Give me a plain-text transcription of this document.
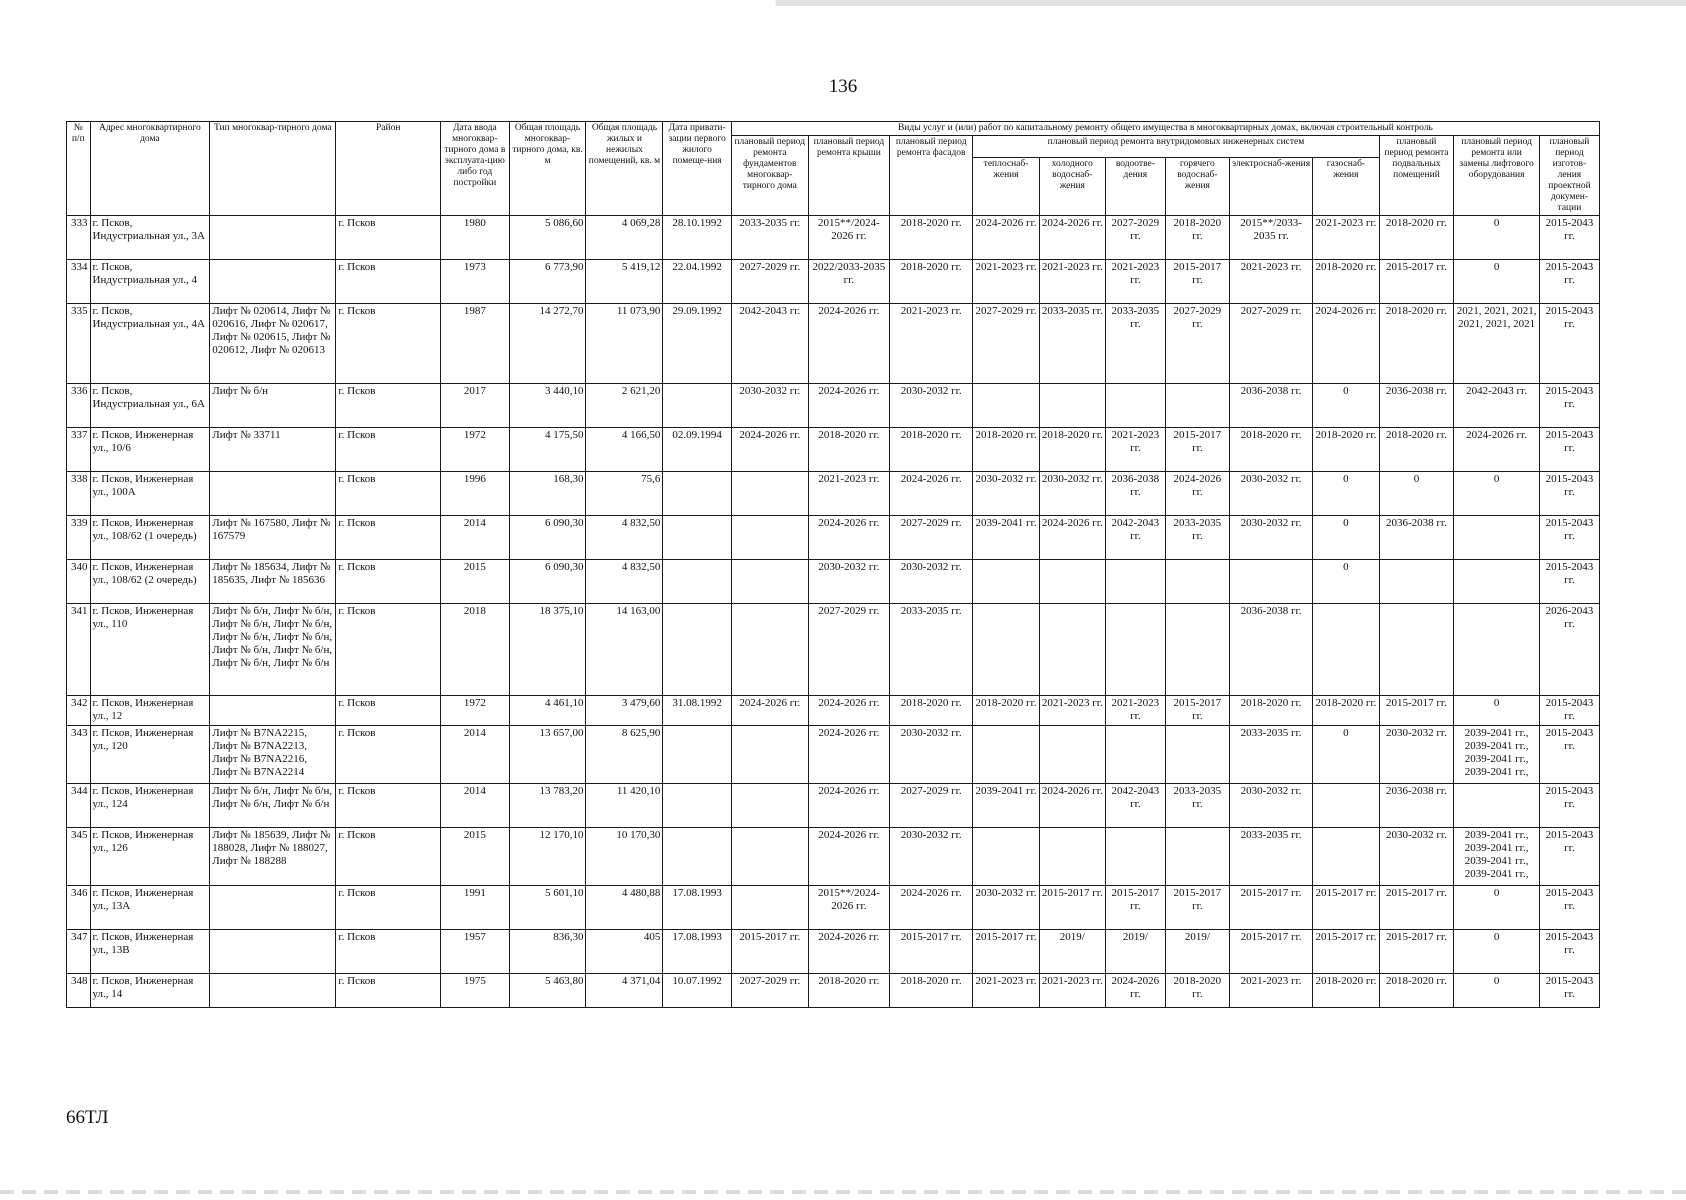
136
№ п/п	Адрес многоквартирного дома	Тип многоквар-тирного дома	Район	Дата ввода многоквар-тирного дома в эксплуата-цию либо год постройки	Общая площадь многоквар-тирного дома, кв. м	Общая площадь жилых и нежилых помещений, кв. м	Дата привати-зации первого жилого помеще-ния	Виды услуг и (или) работ по капитальному ремонту общего имущества в многоквартирных домах, включая строительный контроль											
								плановый период ремонта фундаментов многоквар-тирного дома	плановый период ремонта крыши	плановый период ремонта фасадов	плановый период ремонта внутридомовых инженерных систем						плановый период ремонта подвальных помещений	плановый период ремонта или замены лифтового оборудования	плановый период изготов-ления проектной докумен-тации
											теплоснаб-жения	холодного водоснаб-жения	водоотве-дения	горячего водоснаб-жения	электроснаб-жения	газоснаб-жения			
333	г. Псков, Индустриальная ул., 3А		г. Псков	1980	5 086,60	4 069,28	28.10.1992	2033-2035 гг.	2015**/2024-2026 гг.	2018-2020 гг.	2024-2026 гг.	2024-2026 гг.	2027-2029 гг.	2018-2020 гг.	2015**/2033-2035 гг.	2021-2023 гг.	2018-2020 гг.	0	2015-2043 гг.
334	г. Псков, Индустриальная ул., 4		г. Псков	1973	6 773,90	5 419,12	22.04.1992	2027-2029 гг.	2022/2033-2035 гг.	2018-2020 гг.	2021-2023 гг.	2021-2023 гг.	2021-2023 гг.	2015-2017 гг.	2021-2023 гг.	2018-2020 гг.	2015-2017 гг.	0	2015-2043 гг.
335	г. Псков, Индустриальная ул., 4А	Лифт № 020614, Лифт № 020616, Лифт № 020617, Лифт № 020615, Лифт № 020612, Лифт № 020613	г. Псков	1987	14 272,70	11 073,90	29.09.1992	2042-2043 гг.	2024-2026 гг.	2021-2023 гг.	2027-2029 гг.	2033-2035 гг.	2033-2035 гг.	2027-2029 гг.	2027-2029 гг.	2024-2026 гг.	2018-2020 гг.	2021, 2021, 2021, 2021, 2021, 2021	2015-2043 гг.
336	г. Псков, Индустриальная ул., 6А	Лифт № б/н	г. Псков	2017	3 440,10	2 621,20		2030-2032 гг.	2024-2026 гг.	2030-2032 гг.					2036-2038 гг.	0	2036-2038 гг.	2042-2043 гг.	2015-2043 гг.
337	г. Псков, Инженерная ул., 10/6	Лифт № 33711	г. Псков	1972	4 175,50	4 166,50	02.09.1994	2024-2026 гг.	2018-2020 гг.	2018-2020 гг.	2018-2020 гг.	2018-2020 гг.	2021-2023 гг.	2015-2017 гг.	2018-2020 гг.	2018-2020 гг.	2018-2020 гг.	2024-2026 гг.	2015-2043 гг.
338	г. Псков, Инженерная ул., 100А		г. Псков	1996	168,30	75,6			2021-2023 гг.	2024-2026 гг.	2030-2032 гг.	2030-2032 гг.	2036-2038 гг.	2024-2026 гг.	2030-2032 гг.	0	0	0	2015-2043 гг.
339	г. Псков, Инженерная ул., 108/62 (1 очередь)	Лифт № 167580, Лифт № 167579	г. Псков	2014	6 090,30	4 832,50			2024-2026 гг.	2027-2029 гг.	2039-2041 гг.	2024-2026 гг.	2042-2043 гг.	2033-2035 гг.	2030-2032 гг.	0	2036-2038 гг.		2015-2043 гг.
340	г. Псков, Инженерная ул., 108/62 (2 очередь)	Лифт № 185634, Лифт № 185635, Лифт № 185636	г. Псков	2015	6 090,30	4 832,50			2030-2032 гг.	2030-2032 гг.						0			2015-2043 гг.
341	г. Псков, Инженерная ул., 110	Лифт № б/н, Лифт № б/н, Лифт № б/н, Лифт № б/н, Лифт № б/н, Лифт № б/н, Лифт № б/н, Лифт № б/н, Лифт № б/н, Лифт № б/н	г. Псков	2018	18 375,10	14 163,00			2027-2029 гг.	2033-2035 гг.					2036-2038 гг.				2026-2043 гг.
342	г. Псков, Инженерная ул., 12		г. Псков	1972	4 461,10	3 479,60	31.08.1992	2024-2026 гг.	2024-2026 гг.	2018-2020 гг.	2018-2020 гг.	2021-2023 гг.	2021-2023 гг.	2015-2017 гг.	2018-2020 гг.	2018-2020 гг.	2015-2017 гг.	0	2015-2043 гг.
343	г. Псков, Инженерная ул., 120	Лифт № B7NA2215, Лифт № B7NA2213, Лифт № B7NA2216, Лифт № B7NA2214	г. Псков	2014	13 657,00	8 625,90			2024-2026 гг.	2030-2032 гг.					2033-2035 гг.	0	2030-2032 гг.	2039-2041 гг., 2039-2041 гг., 2039-2041 гг., 2039-2041 гг.,	2015-2043 гг.
344	г. Псков, Инженерная ул., 124	Лифт № б/н, Лифт № б/н, Лифт № б/н, Лифт № б/н	г. Псков	2014	13 783,20	11 420,10			2024-2026 гг.	2027-2029 гг.	2039-2041 гг.	2024-2026 гг.	2042-2043 гг.	2033-2035 гг.	2030-2032 гг.		2036-2038 гг.		2015-2043 гг.
345	г. Псков, Инженерная ул., 126	Лифт № 185639, Лифт № 188028, Лифт № 188027, Лифт № 188288	г. Псков	2015	12 170,10	10 170,30			2024-2026 гг.	2030-2032 гг.					2033-2035 гг.		2030-2032 гг.	2039-2041 гг., 2039-2041 гг., 2039-2041 гг., 2039-2041 гг.,	2015-2043 гг.
346	г. Псков, Инженерная ул., 13А		г. Псков	1991	5 601,10	4 480,88	17.08.1993		2015**/2024-2026 гг.	2024-2026 гг.	2030-2032 гг.	2015-2017 гг.	2015-2017 гг.	2015-2017 гг.	2015-2017 гг.	2015-2017 гг.	2015-2017 гг.	0	2015-2043 гг.
347	г. Псков, Инженерная ул., 13В		г. Псков	1957	836,30	405	17.08.1993	2015-2017 гг.	2024-2026 гг.	2015-2017 гг.	2015-2017 гг.	2019/	2019/	2019/	2015-2017 гг.	2015-2017 гг.	2015-2017 гг.	0	2015-2043 гг.
348	г. Псков, Инженерная ул., 14		г. Псков	1975	5 463,80	4 371,04	10.07.1992	2027-2029 гг.	2018-2020 гг.	2018-2020 гг.	2021-2023 гг.	2021-2023 гг.	2024-2026 гг.	2018-2020 гг.	2021-2023 гг.	2018-2020 гг.	2018-2020 гг.	0	2015-2043 гг.
66ТЛ
